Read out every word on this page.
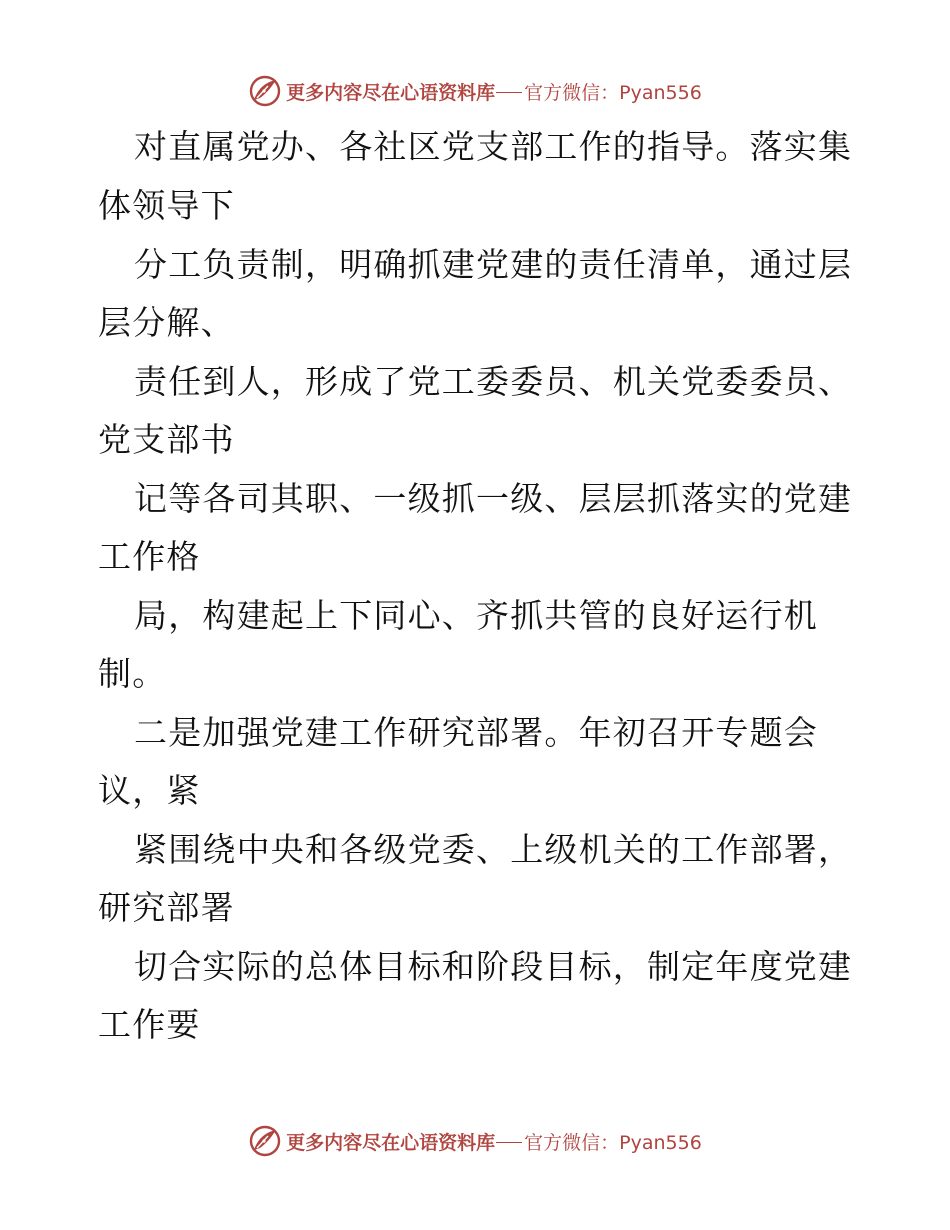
更多内容尽在心语资料库 官方微信：Pyan556
对直属党办、各社区党支部工作的指导。落实集
体领导下
分工负责制，明确抓建党建的责任清单，通过层
层分解、
责任到人，形成了党工委委员、机关党委委员、
党支部书
记等各司其职、一级抓一级、层层抓落实的党建
工作格
局，构建起上下同心、齐抓共管的良好运行机
制。
二是加强党建工作研究部署。年初召开专题会
议，紧
紧围绕中央和各级党委、上级机关的工作部署，
研究部署
切合实际的总体目标和阶段目标，制定年度党建
工作要
更多内容尽在心语资料库 官方微信：Pyan556
